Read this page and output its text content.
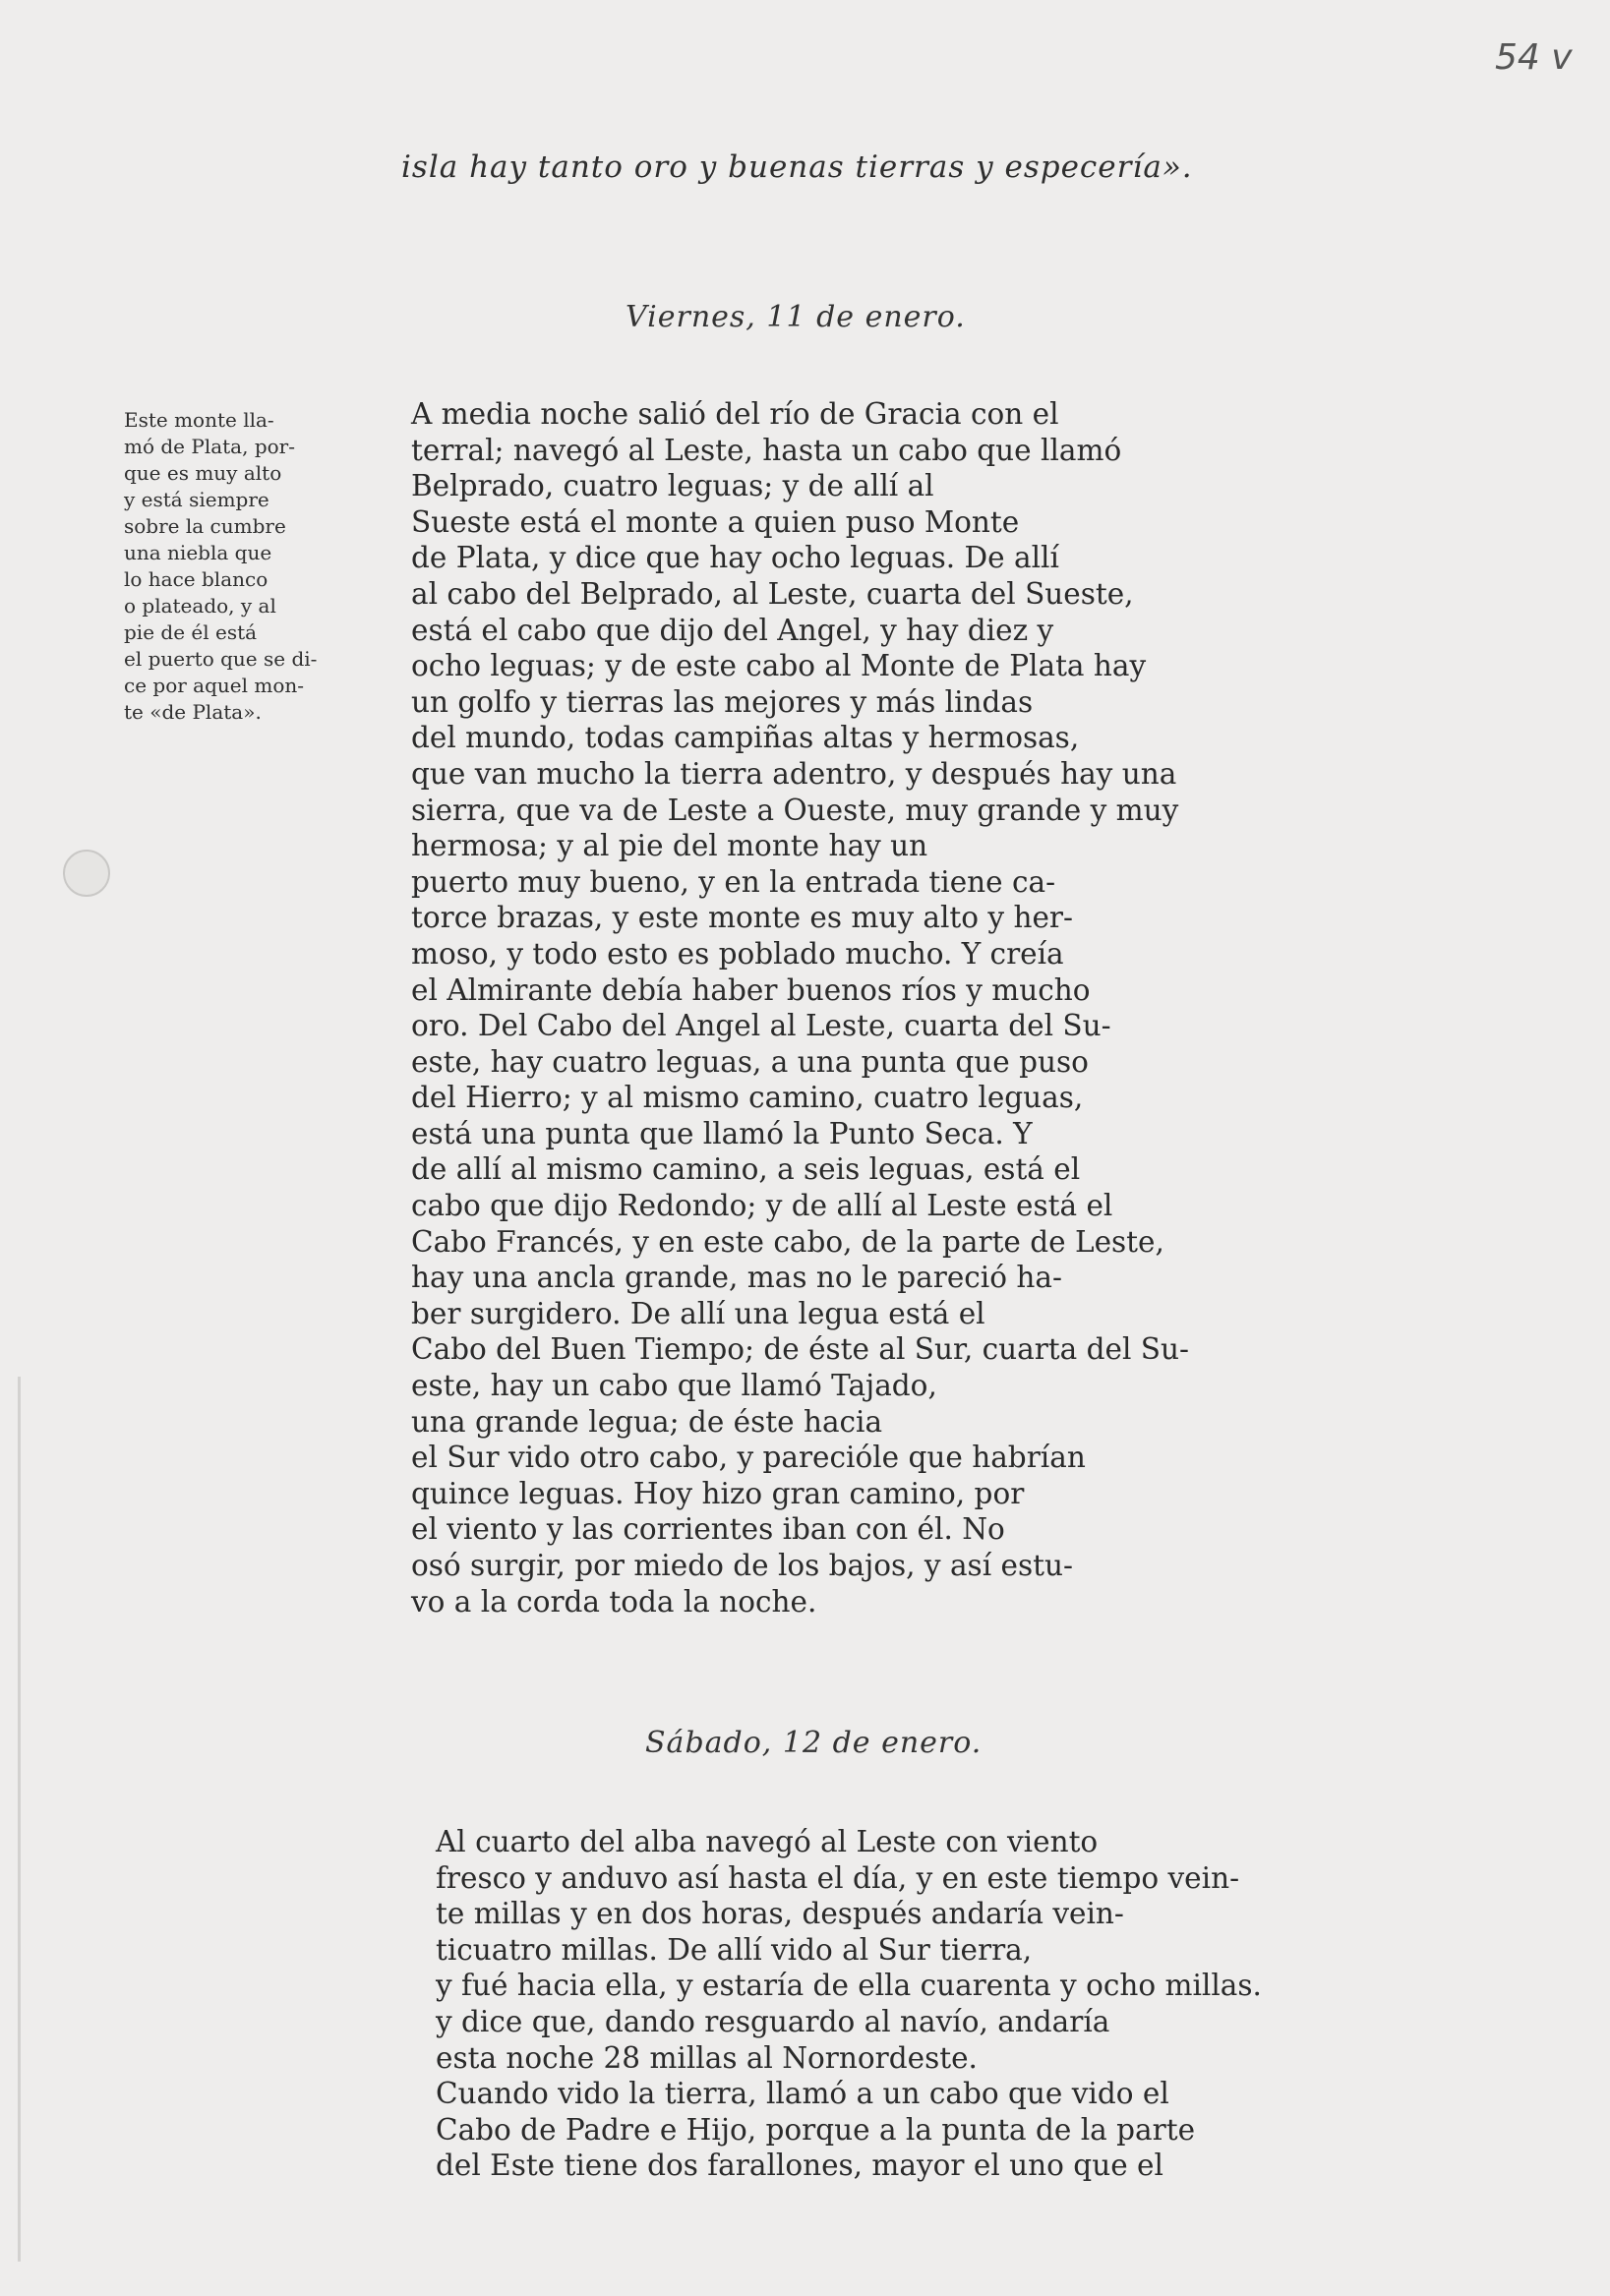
54 v
isla hay tanto oro y buenas tierras y especería».
Viernes, 11 de enero.
Este monte lla-
mó de Plata, por-
que es muy alto
y está siempre
sobre la cumbre
una niebla que
lo hace blanco
o plateado, y al
pie de él está
el puerto que se di-
ce por aquel mon-
te «de Plata».
A media noche salió del río de Gracia con el
terral; navegó al Leste, hasta un cabo que llamó
Belprado, cuatro leguas; y de allí al
Sueste está el monte a quien puso Monte
de Plata, y dice que hay ocho leguas. De allí
al cabo del Belprado, al Leste, cuarta del Sueste,
está el cabo que dijo del Angel, y hay diez y
ocho leguas; y de este cabo al Monte de Plata hay
un golfo y tierras las mejores y más lindas
del mundo, todas campiñas altas y hermosas,
que van mucho la tierra adentro, y después hay una
sierra, que va de Leste a Oueste, muy grande y muy
hermosa; y al pie del monte hay un
puerto muy bueno, y en la entrada tiene ca-
torce brazas, y este monte es muy alto y her-
moso, y todo esto es poblado mucho. Y creía
el Almirante debía haber buenos ríos y mucho
oro. Del Cabo del Angel al Leste, cuarta del Su-
este, hay cuatro leguas, a una punta que puso
del Hierro; y al mismo camino, cuatro leguas,
está una punta que llamó la Punto Seca. Y
de allí al mismo camino, a seis leguas, está el
cabo que dijo Redondo; y de allí al Leste está el
Cabo Francés, y en este cabo, de la parte de Leste,
hay una ancla grande, mas no le pareció ha-
ber surgidero. De allí una legua está el
Cabo del Buen Tiempo; de éste al Sur, cuarta del Su-
este, hay un cabo que llamó Tajado,
una grande legua; de éste hacia
el Sur vido otro cabo, y parecióle que habrían
quince leguas. Hoy hizo gran camino, por
el viento y las corrientes iban con él. No
osó surgir, por miedo de los bajos, y así estu-
vo a la corda toda la noche.
Sábado, 12 de enero.
Al cuarto del alba navegó al Leste con viento
fresco y anduvo así hasta el día, y en este tiempo vein-
te millas y en dos horas, después andaría vein-
ticuatro millas. De allí vido al Sur tierra,
y fué hacia ella, y estaría de ella cuarenta y ocho millas.
y dice que, dando resguardo al navío, andaría
esta noche 28 millas al Nornordeste.
Cuando vido la tierra, llamó a un cabo que vido el
Cabo de Padre e Hijo, porque a la punta de la parte
del Este tiene dos farallones, mayor el uno que el
